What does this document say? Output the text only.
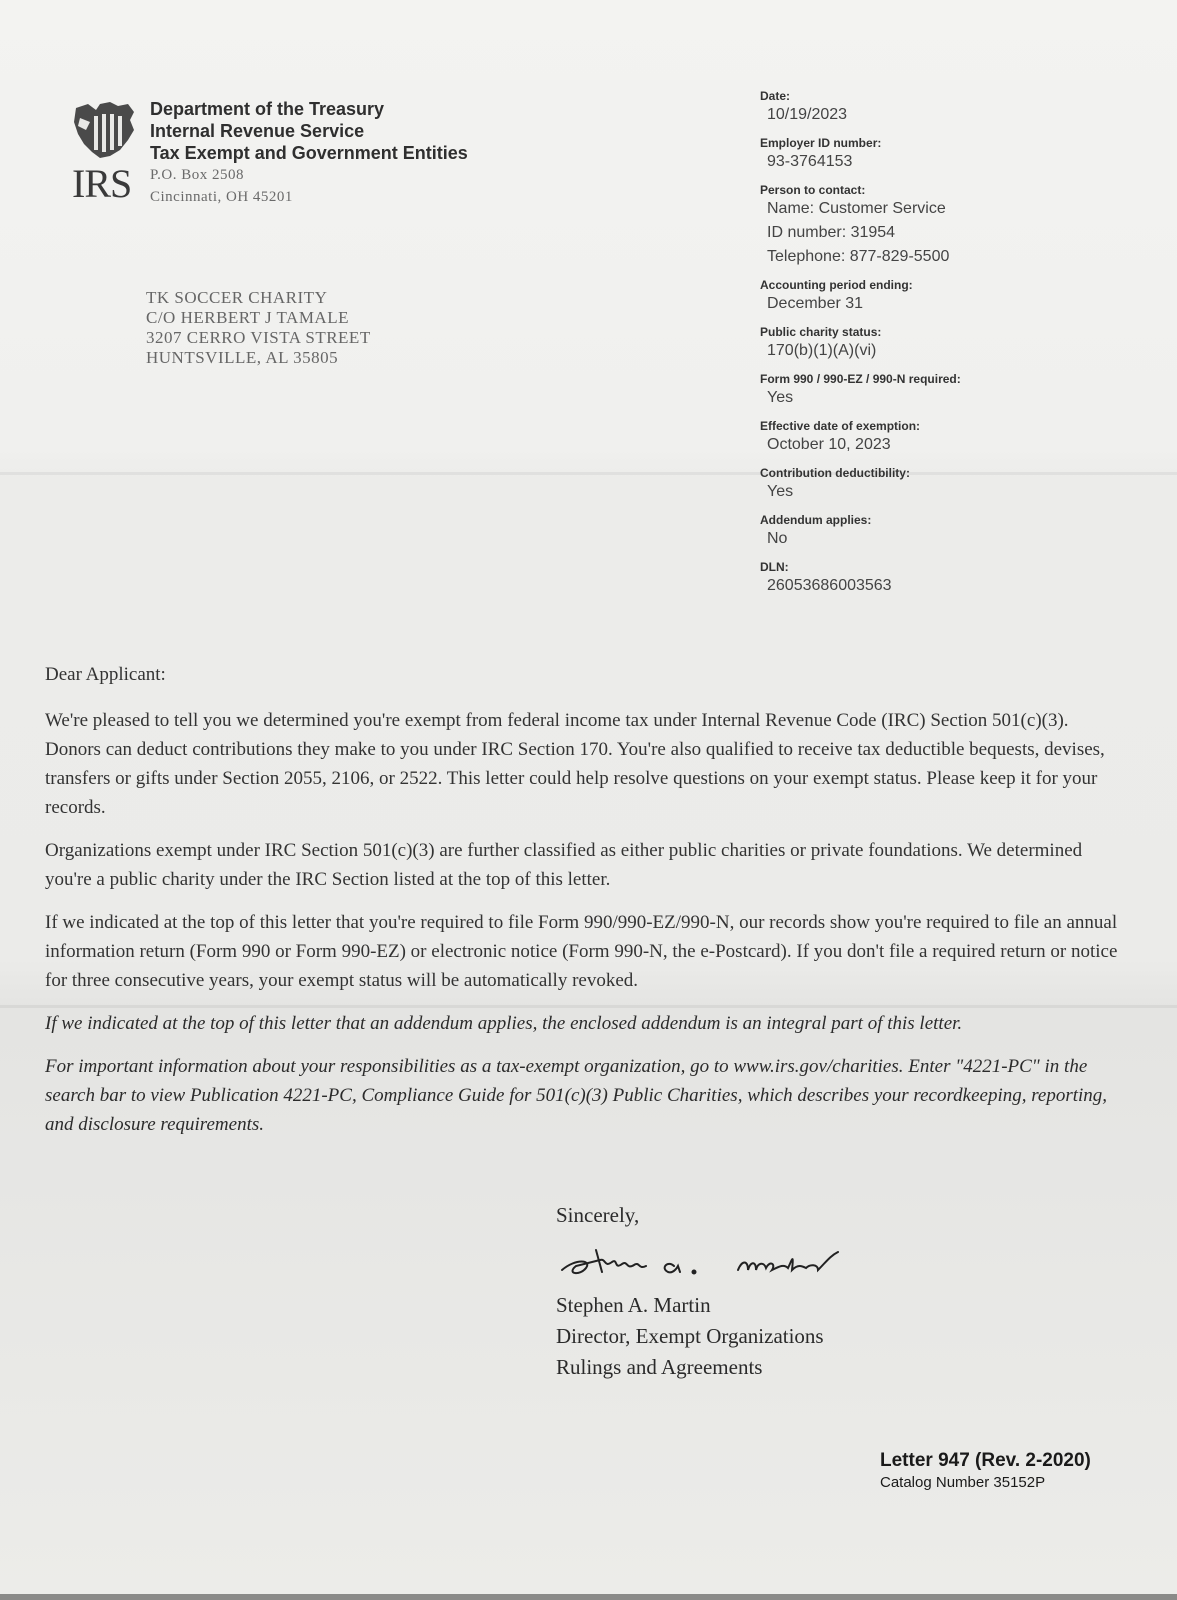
IRS
Department of the Treasury
Internal Revenue Service
Tax Exempt and Government Entities
P.O. Box 2508
Cincinnati, OH 45201
TK SOCCER CHARITY
C/O HERBERT J TAMALE
3207 CERRO VISTA STREET
HUNTSVILLE, AL 35805
Date:
10/19/2023
Employer ID number:
93-3764153
Person to contact:
Name: Customer Service
ID number: 31954
Telephone: 877-829-5500
Accounting period ending:
December 31
Public charity status:
170(b)(1)(A)(vi)
Form 990 / 990-EZ / 990-N required:
Yes
Effective date of exemption:
October 10, 2023
Contribution deductibility:
Yes
Addendum applies:
No
DLN:
26053686003563

Dear Applicant:

We're pleased to tell you we determined you're exempt from federal income tax under Internal Revenue Code (IRC) Section 501(c)(3). Donors can deduct contributions they make to you under IRC Section 170. You're also qualified to receive tax deductible bequests, devises, transfers or gifts under Section 2055, 2106, or 2522. This letter could help resolve questions on your exempt status. Please keep it for your records.

Organizations exempt under IRC Section 501(c)(3) are further classified as either public charities or private foundations. We determined you're a public charity under the IRC Section listed at the top of this letter.

If we indicated at the top of this letter that you're required to file Form 990/990-EZ/990-N, our records show you're required to file an annual information return (Form 990 or Form 990-EZ) or electronic notice (Form 990-N, the e-Postcard). If you don't file a required return or notice for three consecutive years, your exempt status will be automatically revoked.

If we indicated at the top of this letter that an addendum applies, the enclosed addendum is an integral part of this letter.

For important information about your responsibilities as a tax-exempt organization, go to www.irs.gov/charities. Enter "4221-PC" in the search bar to view Publication 4221-PC, Compliance Guide for 501(c)(3) Public Charities, which describes your recordkeeping, reporting, and disclosure requirements.

Sincerely,
Stephen A. Martin
Director, Exempt Organizations
Rulings and Agreements
Letter 947 (Rev. 2-2020)
Catalog Number 35152P
